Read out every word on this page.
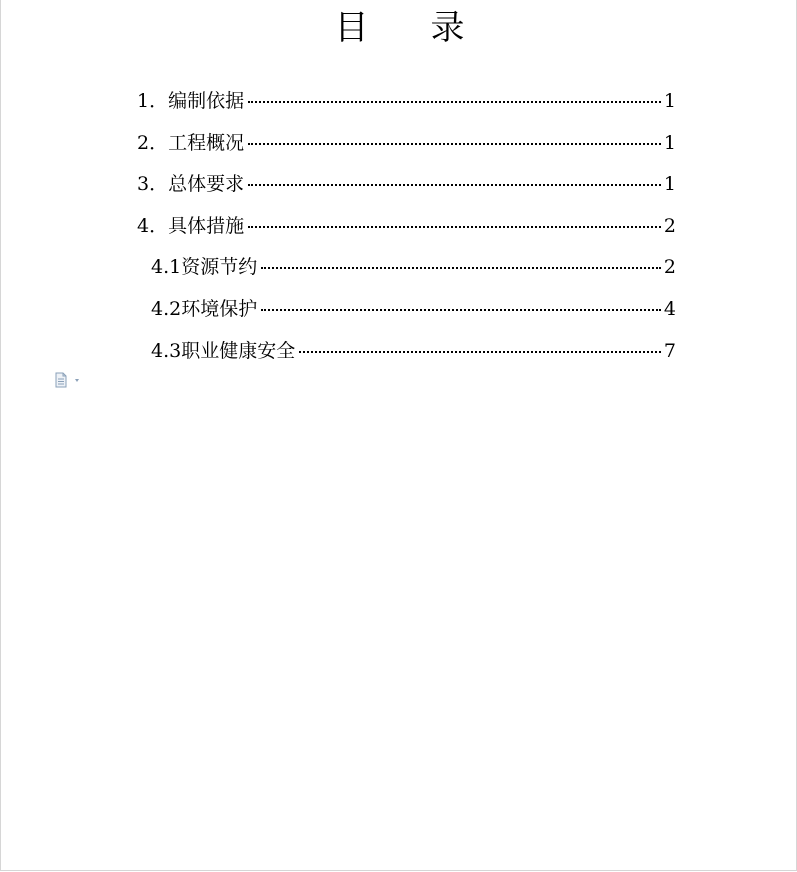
目 录
1． 编制依据	1
2． 工程概况	1
3． 总体要求	1
4． 具体措施	2
4.1 资源节约	2
4.2 环境保护	4
4.3 职业健康安全	7
